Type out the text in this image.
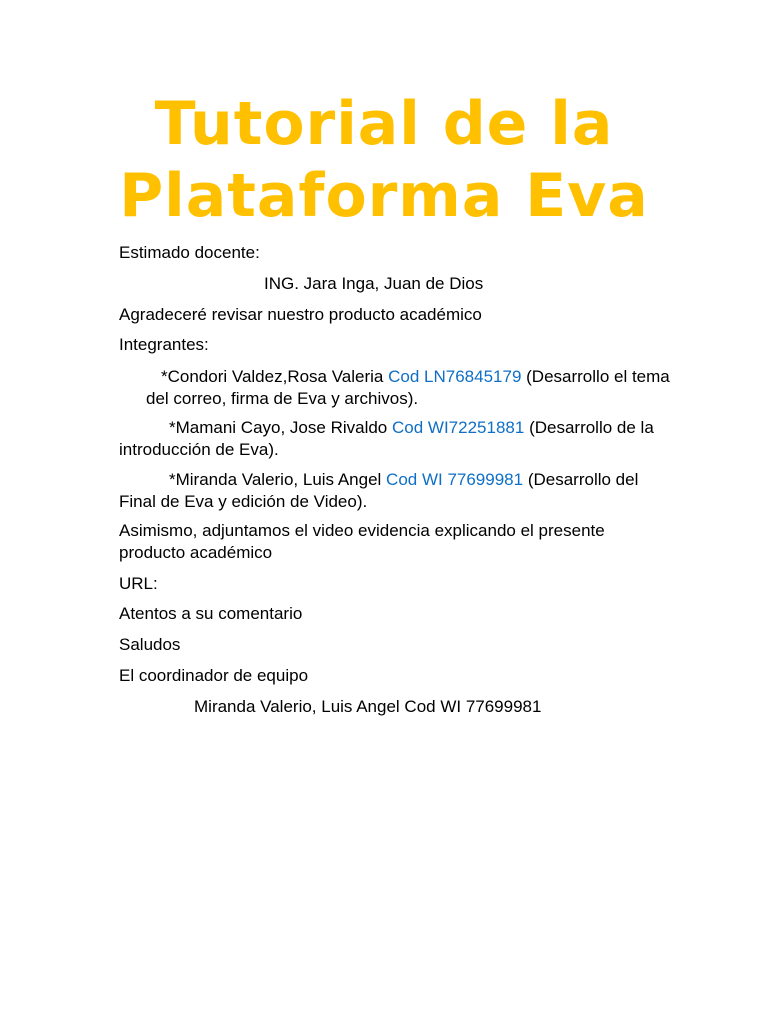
Tutorial de la
Plataforma Eva

Estimado docente:

ING. Jara Inga, Juan de Dios

Agradeceré revisar nuestro producto académico

Integrantes:

*Condori Valdez,Rosa Valeria Cod LN76845179 (Desarrollo el tema del correo, firma de Eva y archivos).

*Mamani Cayo, Jose Rivaldo Cod WI72251881 (Desarrollo de la introducción de Eva).

*Miranda Valerio, Luis Angel Cod WI 77699981 (Desarrollo del Final de Eva y edición de Video).

Asimismo, adjuntamos el video evidencia explicando el presente producto académico

URL:

Atentos a su comentario

Saludos

El coordinador de equipo

Miranda Valerio, Luis Angel Cod WI 77699981
